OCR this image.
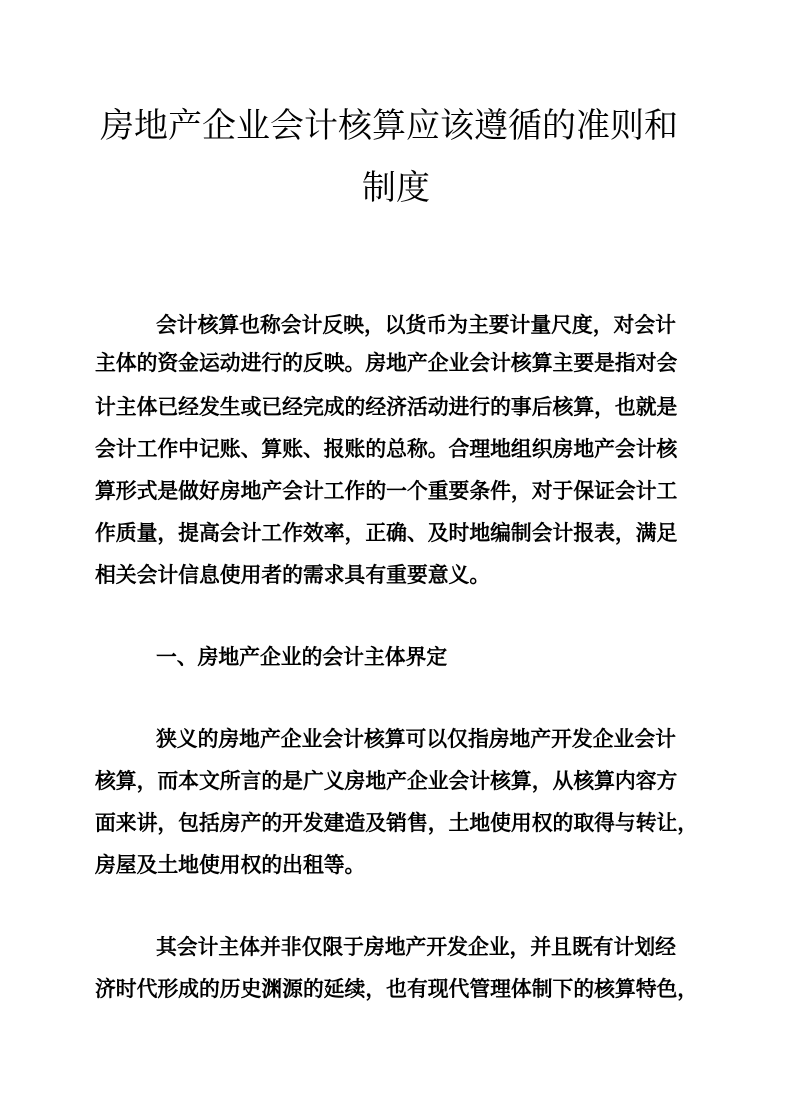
房地产企业会计核算应该遵循的准则和
制度
会计核算也称会计反映，以货币为主要计量尺度，对会计
主体的资金运动进行的反映。房地产企业会计核算主要是指对会
计主体已经发生或已经完成的经济活动进行的事后核算，也就是
会计工作中记账、算账、报账的总称。合理地组织房地产会计核
算形式是做好房地产会计工作的一个重要条件，对于保证会计工
作质量，提高会计工作效率，正确、及时地编制会计报表，满足
相关会计信息使用者的需求具有重要意义。
一、房地产企业的会计主体界定
狭义的房地产企业会计核算可以仅指房地产开发企业会计
核算，而本文所言的是广义房地产企业会计核算，从核算内容方
面来讲，包括房产的开发建造及销售，土地使用权的取得与转让，
房屋及土地使用权的出租等。
其会计主体并非仅限于房地产开发企业，并且既有计划经
济时代形成的历史渊源的延续，也有现代管理体制下的核算特色，
